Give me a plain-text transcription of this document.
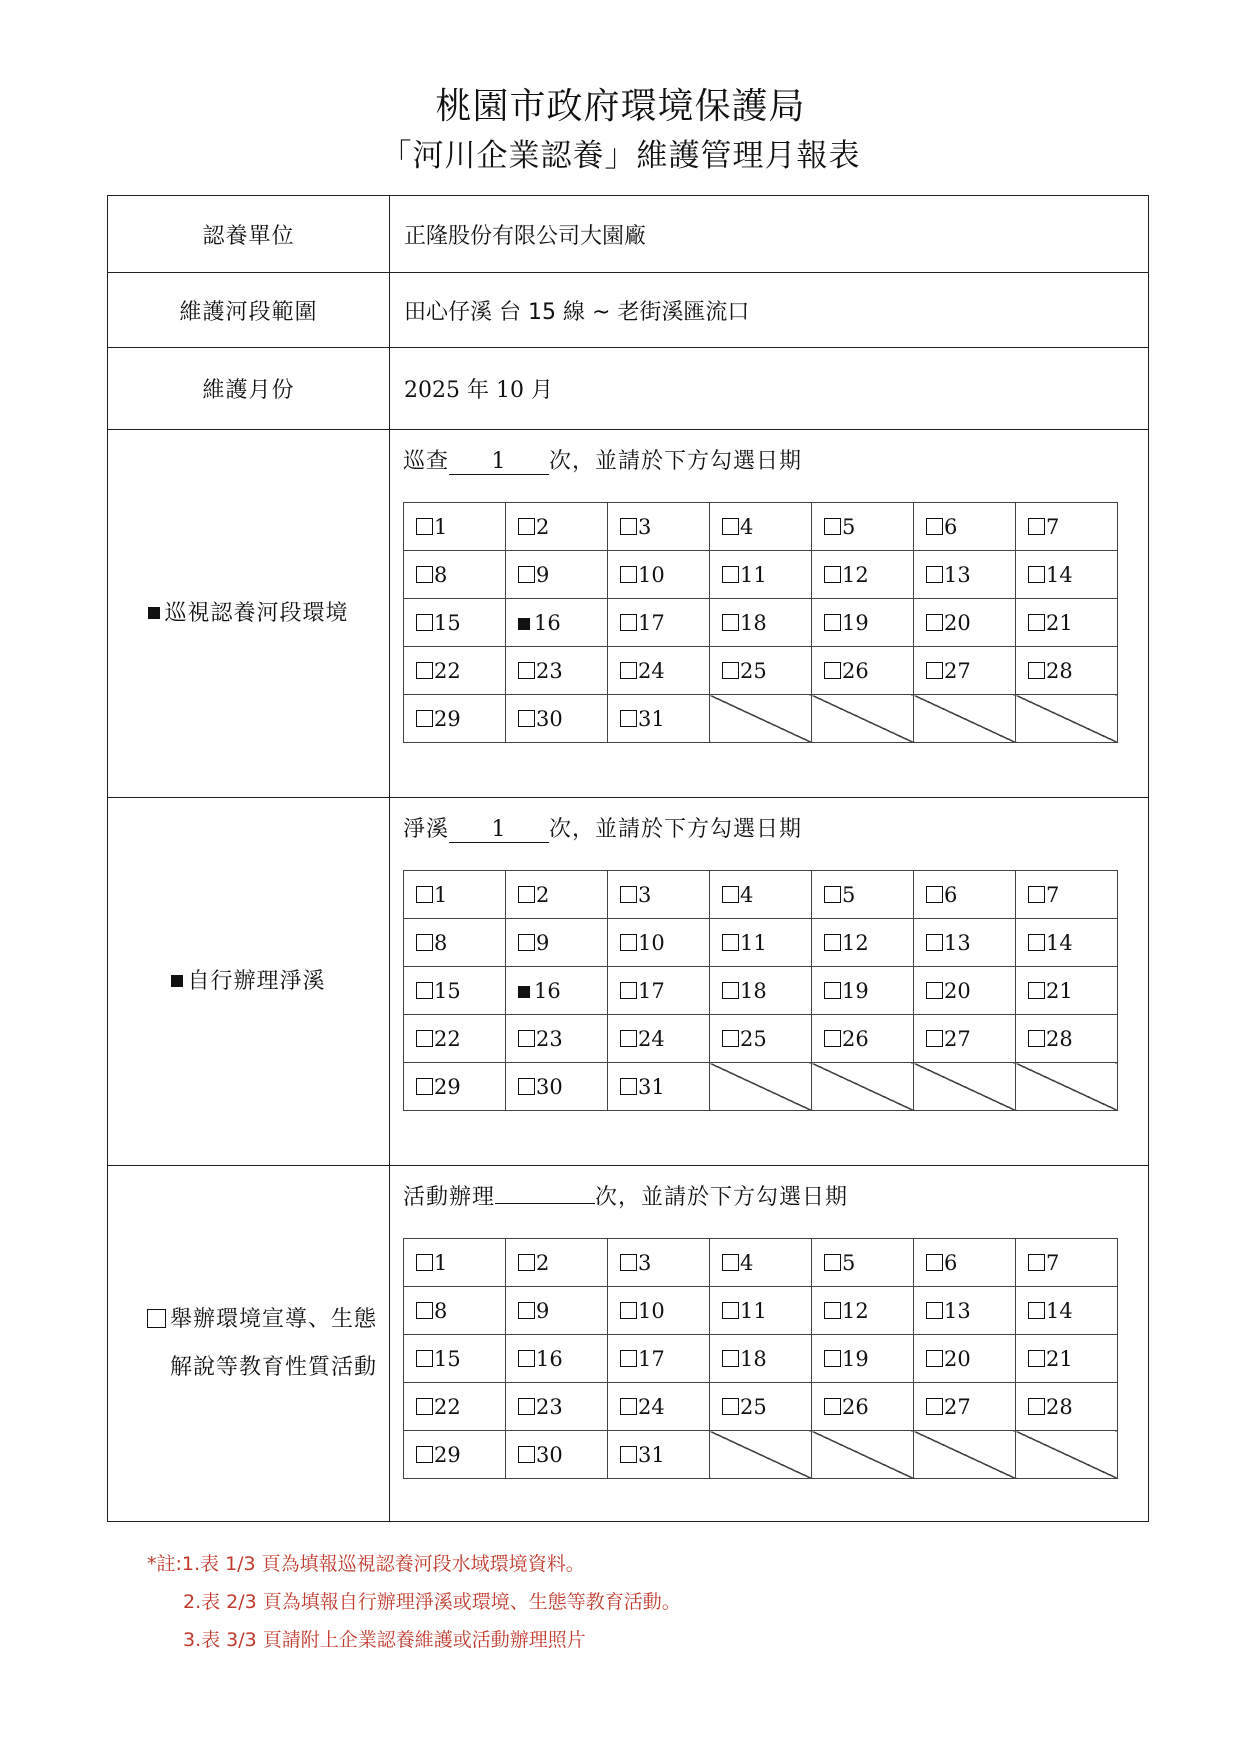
桃園市政府環境保護局
「河川企業認養」維護管理月報表
認養單位	正隆股份有限公司大園廠
維護河段範圍	田心仔溪 台 15 線 ~ 老街溪匯流口
維護月份	2025 年 10 月
巡視認養河段環境	
巡查 1 次，並請於下方勾選日期
1	2	3	4	5	6	7
8	9	10	11	12	13	14
15	16	17	18	19	20	21
22	23	24	25	26	27	28
29	30	31				

自行辦理淨溪	
淨溪 1 次，並請於下方勾選日期
1	2	3	4	5	6	7
8	9	10	11	12	13	14
15	16	17	18	19	20	21
22	23	24	25	26	27	28
29	30	31				

舉辦環境宣導、生態
解說等教育性質活動

活動辦理	次，並請於下方勾選日期
1	2	3	4	5	6	7
8	9	10	11	12	13	14
15	16	17	18	19	20	21
22	23	24	25	26	27	28
29	30	31				
*註:1.表 1/3 頁為填報巡視認養河段水域環境資料。
2.表 2/3 頁為填報自行辦理淨溪或環境、生態等教育活動。
3.表 3/3 頁請附上企業認養維護或活動辦理照片
